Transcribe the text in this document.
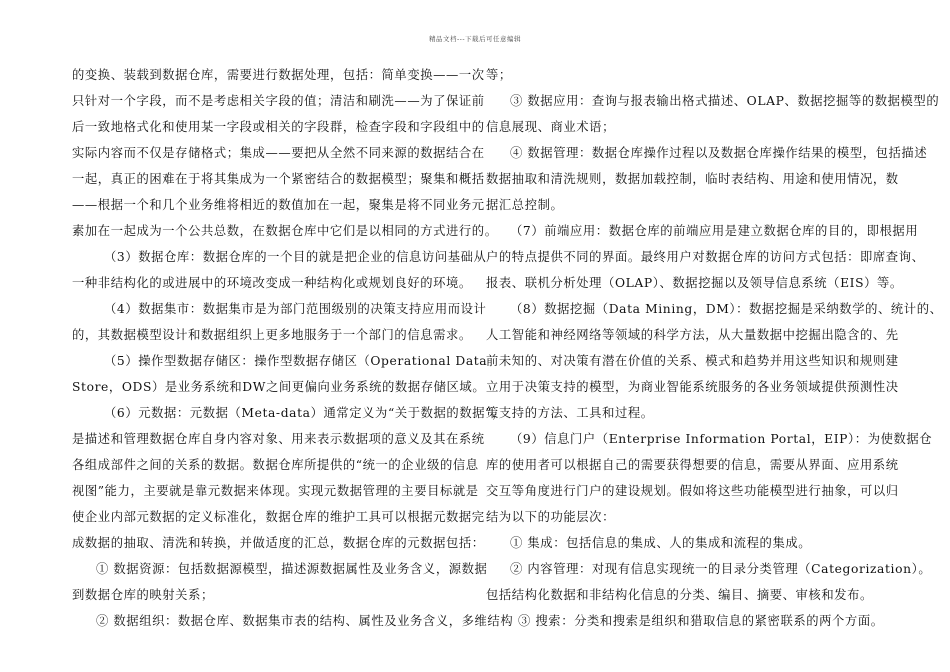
精品文档---下载后可任意编辑
的变换、装载到数据仓库，需要进行数据处理，包括：简单变换——一次
只针对一个字段，而不是考虑相关字段的值；清洁和刷洗——为了保证前
后一致地格式化和使用某一字段或相关的字段群，检查字段和字段组中的
实际内容而不仅是存储格式；集成——要把从全然不同来源的数据结合在
一起，真正的困难在于将其集成为一个紧密结合的数据模型；聚集和概括
——根据一个和几个业务维将相近的数值加在一起，聚集是将不同业务元
素加在一起成为一个公共总数，在数据仓库中它们是以相同的方式进行的。
（3）数据仓库：数据仓库的一个目的就是把企业的信息访问基础从
一种非结构化的或进展中的环境改变成一种结构化或规划良好的环境。
（4）数据集市：数据集市是为部门范围级别的决策支持应用而设计
的，其数据模型设计和数据组织上更多地服务于一个部门的信息需求。
（5）操作型数据存储区：操作型数据存储区（Operational Data
Store，ODS）是业务系统和DW之间更偏向业务系统的数据存储区域。
（6）元数据：元数据（Meta-data）通常定义为“关于数据的数据”，
是描述和管理数据仓库自身内容对象、用来表示数据项的意义及其在系统
各组成部件之间的关系的数据。数据仓库所提供的“统一的企业级的信息
视图”能力，主要就是靠元数据来体现。实现元数据管理的主要目标就是
使企业内部元数据的定义标准化，数据仓库的维护工具可以根据元数据完
成数据的抽取、清洗和转换，并做适度的汇总，数据仓库的元数据包括：
① 数据资源：包括数据源模型，描述源数据属性及业务含义，源数据
到数据仓库的映射关系；
② 数据组织：数据仓库、数据集市表的结构、属性及业务含义，多维结构
等；
③ 数据应用：查询与报表输出格式描述、OLAP、数据挖掘等的数据模型的
信息展现、商业术语；
④ 数据管理：数据仓库操作过程以及数据仓库操作结果的模型，包括描述
数据抽取和清洗规则，数据加载控制，临时表结构、用途和使用情况，数
据汇总控制。
（7）前端应用：数据仓库的前端应用是建立数据仓库的目的，即根据用
户的特点提供不同的界面。最终用户对数据仓库的访问方式包括：即席查询、
报表、联机分析处理（OLAP）、数据挖掘以及领导信息系统（EIS）等。
（8）数据挖掘（Data Mining，DM）：数据挖掘是采纳数学的、统计的、
人工智能和神经网络等领域的科学方法，从大量数据中挖掘出隐含的、先
前未知的、对决策有潜在价值的关系、模式和趋势并用这些知识和规则建
立用于决策支持的模型，为商业智能系统服务的各业务领域提供预测性决
策支持的方法、工具和过程。
（9）信息门户（Enterprise Information Portal，EIP）：为使数据仓
库的使用者可以根据自己的需要获得想要的信息，需要从界面、应用系统
交互等角度进行门户的建设规划。假如将这些功能模型进行抽象，可以归
结为以下的功能层次：
① 集成：包括信息的集成、人的集成和流程的集成。
② 内容管理：对现有信息实现统一的目录分类管理（Categorization）。
包括结构化数据和非结构化信息的分类、编目、摘要、审核和发布。
③ 搜索：分类和搜索是组织和猎取信息的紧密联系的两个方面。
